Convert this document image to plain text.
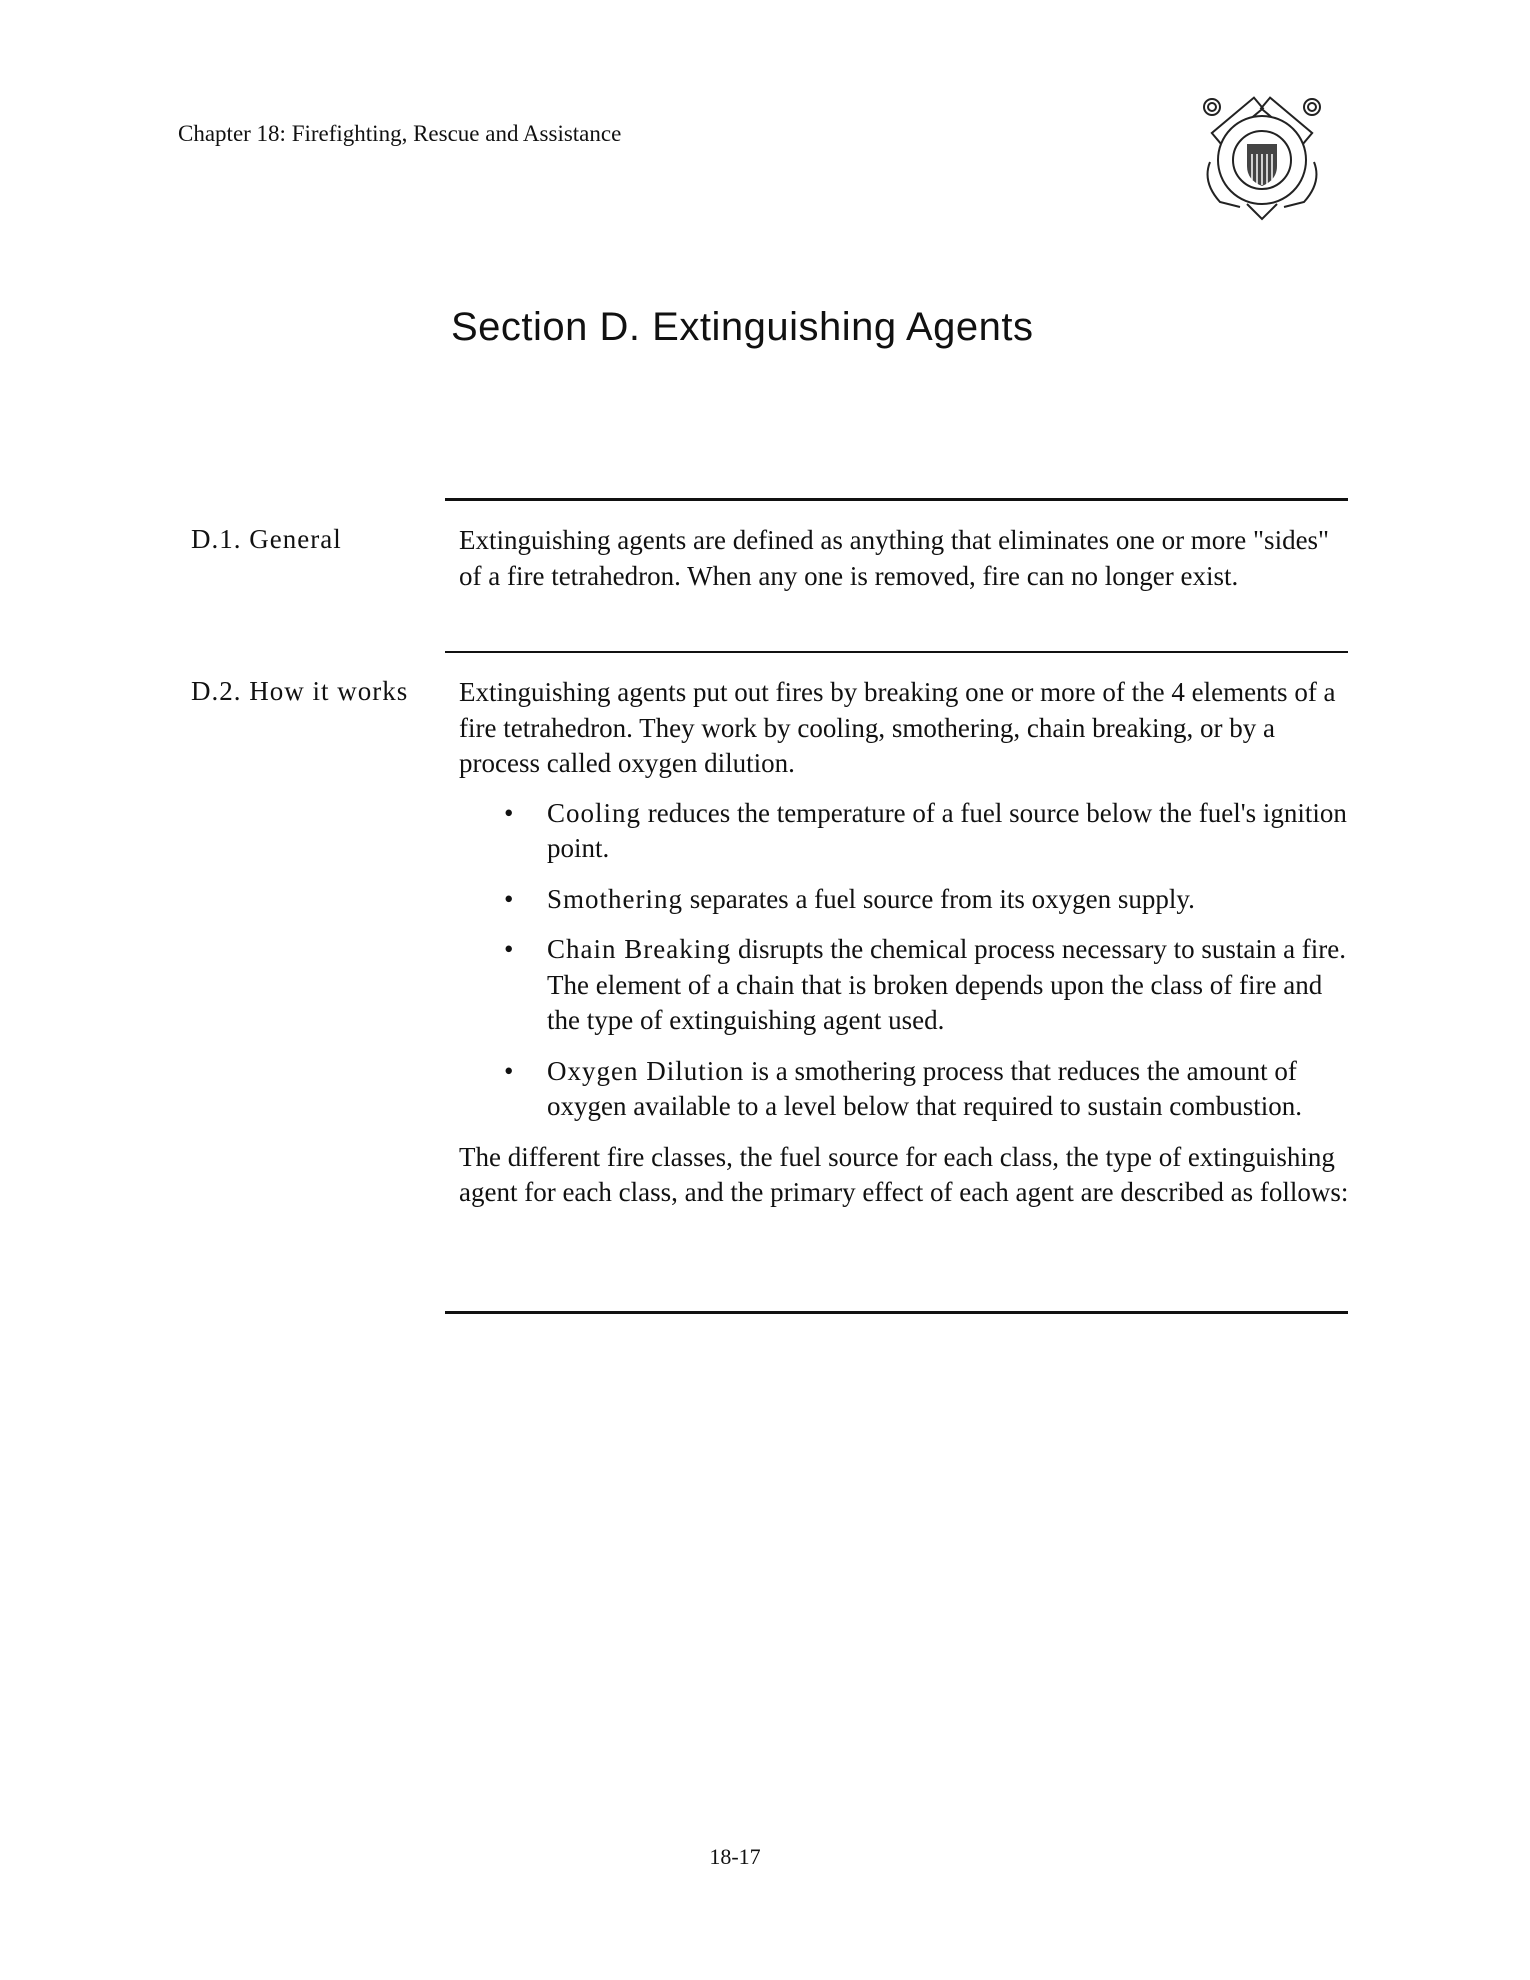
Chapter 18: Firefighting, Rescue and Assistance
Section D. Extinguishing Agents
D.1. General	Extinguishing agents are defined as anything that eliminates one or more "sides" of a fire tetrahedron. When any one is removed, fire can no longer exist.

D.2. How it works Extinguishing agents put out fires by breaking one or more of the 4 elements of a fire tetrahedron. They work by cooling, smothering, chain breaking, or by a process called oxygen dilution.

• Cooling reduces the temperature of a fuel source below the fuel's ignition point.
• Smothering separates a fuel source from its oxygen supply.
• Chain Breaking disrupts the chemical process necessary to sustain a fire. The element of a chain that is broken depends upon the class of fire and the type of extinguishing agent used.
• Oxygen Dilution is a smothering process that reduces the amount of oxygen available to a level below that required to sustain combustion.

The different fire classes, the fuel source for each class, the type of extinguishing agent for each class, and the primary effect of each agent are described as follows:

18-17
